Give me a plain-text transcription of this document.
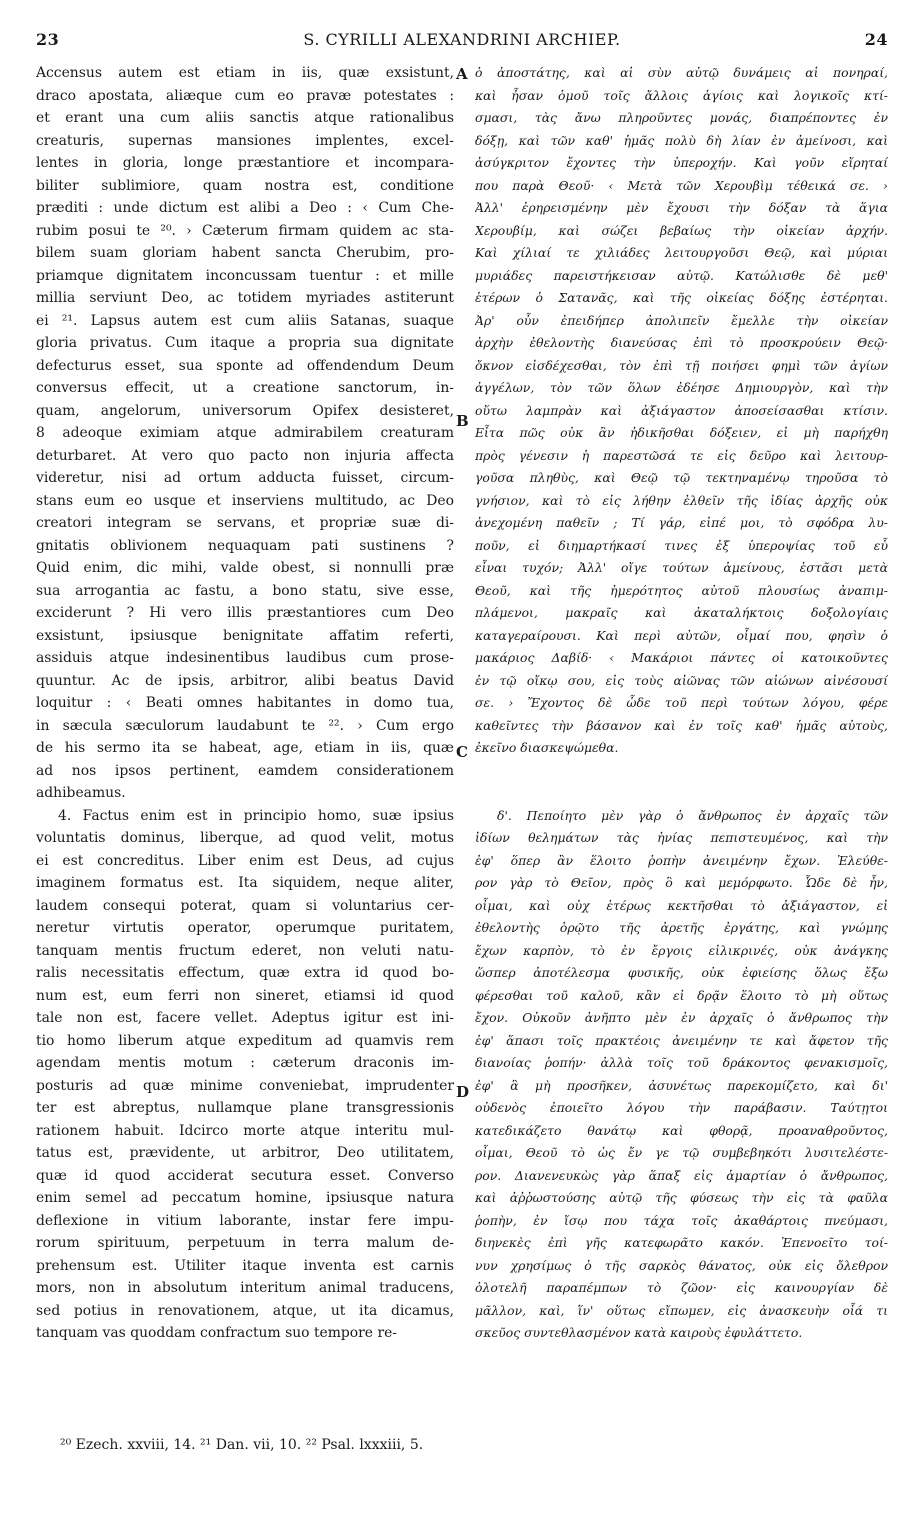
23	S. CYRILLI ALEXANDRINI ARCHIEP.	24
Accensus autem est etiam in iis, quæ exsistunt,
draco apostata, aliæque cum eo pravæ potestates :
et erant una cum aliis sanctis atque rationalibus
creaturis, supernas mansiones implentes, excel-
lentes in gloria, longe præstantiore et incompara-
biliter sublimiore, quam nostra est, conditione
præditi : unde dictum est alibi a Deo : ‹ Cum Che-
rubim posui te ²⁰. › Cæterum firmam quidem ac sta-
bilem suam gloriam habent sancta Cherubim, pro-
priamque dignitatem inconcussam tuentur : et mille
millia serviunt Deo, ac totidem myriades astiterunt
ei ²¹. Lapsus autem est cum aliis Satanas, suaque
gloria privatus. Cum itaque a propria sua dignitate
defecturus esset, sua sponte ad offendendum Deum
conversus effecit, ut a creatione sanctorum, in-
quam, angelorum, universorum Opifex desisteret,
8 adeoque eximiam atque admirabilem creaturam
deturbaret. At vero quo pacto non injuria affecta
videretur, nisi ad ortum adducta fuisset, circum-
stans eum eo usque et inserviens multitudo, ac Deo
creatori integram se servans, et propriæ suæ di-
gnitatis oblivionem nequaquam pati sustinens ?
Quid enim, dic mihi, valde obest, si nonnulli præ
sua arrogantia ac fastu, a bono statu, sive esse,
exciderunt ? Hi vero illis præstantiores cum Deo
exsistunt, ipsiusque benignitate affatim referti,
assiduis atque indesinentibus laudibus cum prose-
quuntur. Ac de ipsis, arbitror, alibi beatus David
loquitur : ‹ Beati omnes habitantes in domo tua,
in sæcula sæculorum laudabunt te ²². › Cum ergo
de his sermo ita se habeat, age, etiam in iis, quæ
ad nos ipsos pertinent, eamdem considerationem
adhibeamus.
4. Factus enim est in principio homo, suæ ipsius
voluntatis dominus, liberque, ad quod velit, motus
ei est concreditus. Liber enim est Deus, ad cujus
imaginem formatus est. Ita siquidem, neque aliter,
laudem consequi poterat, quam si voluntarius cer-
neretur virtutis operator, operumque puritatem,
tanquam mentis fructum ederet, non veluti natu-
ralis necessitatis effectum, quæ extra id quod bo-
num est, eum ferri non sineret, etiamsi id quod
tale non est, facere vellet. Adeptus igitur est ini-
tio homo liberum atque expeditum ad quamvis rem
agendam mentis motum : cæterum draconis im-
posturis ad quæ minime conveniebat, imprudenter
ter est abreptus, nullamque plane transgressionis
rationem habuit. Idcirco morte atque interitu mul-
tatus est, prævidente, ut arbitror, Deo utilitatem,
quæ id quod acciderat secutura esset. Converso
enim semel ad peccatum homine, ipsiusque natura
deflexione in vitium laborante, instar fere impu-
rorum spirituum, perpetuum in terra malum de-
prehensum est. Utiliter itaque inventa est carnis
mors, non in absolutum interitum animal traducens,
sed potius in renovationem, atque, ut ita dicamus,
tanquam vas quoddam confractum suo tempore re-
ὁ ἀποστάτης, καὶ αἱ σὺν αὐτῷ δυνάμεις αἱ πονηραί,
καὶ ἦσαν ὁμοῦ τοῖς ἄλλοις ἁγίοις καὶ λογικοῖς κτί-
σμασι, τὰς ἄνω πληροῦντες μονάς, διαπρέποντες ἐν
δόξῃ, καὶ τῶν καθ' ἡμᾶς πολὺ δὴ λίαν ἐν ἀμείνοσι, καὶ
ἀσύγκριτον ἔχοντες τὴν ὑπεροχήν. Καὶ γοῦν εἴρηταί
που παρὰ Θεοῦ· ‹ Μετὰ τῶν Χερουβὶμ τέθεικά σε. ›
Ἀλλ' ἐρηρεισμένην μὲν ἔχουσι τὴν δόξαν τὰ ἅγια
Χερουβίμ, καὶ σώζει βεβαίως τὴν οἰκείαν ἀρχήν.
Καὶ χίλιαί τε χιλιάδες λειτουργοῦσι Θεῷ, καὶ μύριαι
μυριάδες παρειστήκεισαν αὐτῷ. Κατώλισθε δὲ μεθ'
ἑτέρων ὁ Σατανᾶς, καὶ τῆς οἰκείας δόξης ἐστέρηται.
Ἀρ' οὖν ἐπειδήπερ ἀπολιπεῖν ἔμελλε τὴν οἰκείαν
ἀρχὴν ἐθελοντὴς διανεύσας ἐπὶ τὸ προσκρούειν Θεῷ·
ὄκνον εἰσδέχεσθαι, τὸν ἐπὶ τῇ ποιήσει φημὶ τῶν ἁγίων
ἀγγέλων, τὸν τῶν ὅλων ἐδέησε Δημιουργὸν, καὶ τὴν
οὕτω λαμπρὰν καὶ ἀξιάγαστον ἀποσείσασθαι κτίσιν.
Εἶτα πῶς οὐκ ἂν ἠδικῆσθαι δόξειεν, εἰ μὴ παρήχθη
πρὸς γένεσιν ἡ παρεστῶσά τε εἰς δεῦρο καὶ λειτουρ-
γοῦσα πληθὺς, καὶ Θεῷ τῷ τεκτηναμένῳ τηροῦσα τὸ
γνήσιον, καὶ τὸ εἰς λήθην ἐλθεῖν τῆς ἰδίας ἀρχῆς οὐκ
ἀνεχομένη παθεῖν ; Τί γάρ, εἰπέ μοι, τὸ σφόδρα λυ-
ποῦν, εἰ διημαρτήκασί τινες ἐξ ὑπεροψίας τοῦ εὖ
εἶναι τυχόν; Ἀλλ' οἴγε τούτων ἀμείνους, ἑστᾶσι μετὰ
Θεοῦ, καὶ τῆς ἡμερότητος αὐτοῦ πλουσίως ἀναπιμ-
πλάμενοι, μακραῖς καὶ ἀκαταλήκτοις δοξολογίαις
καταγεραίρουσι. Καὶ περὶ αὐτῶν, οἶμαί που, φησὶν ὁ
μακάριος Δαβίδ· ‹ Μακάριοι πάντες οἱ κατοικοῦντες
ἐν τῷ οἴκῳ σου, εἰς τοὺς αἰῶνας τῶν αἰώνων αἰνέσουσί
σε. › Ἔχοντος δὲ ὧδε τοῦ περὶ τούτων λόγου, φέρε
καθεῖντες τὴν βάσανον καὶ ἐν τοῖς καθ' ἡμᾶς αὐτοὺς,
ἐκεῖνο διασκεψώμεθα.
δ'. Πεποίητο μὲν γὰρ ὁ ἄνθρωπος ἐν ἀρχαῖς τῶν
ἰδίων θελημάτων τὰς ἡνίας πεπιστευμένος, καὶ τὴν
ἐφ' ὅπερ ἂν ἕλοιτο ῥοπὴν ἀνειμένην ἔχων. Ἐλεύθε-
ρον γὰρ τὸ Θεῖον, πρὸς ὃ καὶ μεμόρφωτο. Ὧδε δὲ ἦν,
οἶμαι, καὶ οὐχ ἑτέρως κεκτῆσθαι τὸ ἀξιάγαστον, εἰ
ἐθελοντὴς ὁρῷτο τῆς ἀρετῆς ἐργάτης, καὶ γνώμης
ἔχων καρπὸν, τὸ ἐν ἔργοις εἰλικρινές, οὐκ ἀνάγκης
ὥσπερ ἀποτέλεσμα φυσικῆς, οὐκ ἐφιείσης ὅλως ἔξω
φέρεσθαι τοῦ καλοῦ, κἂν εἰ δρᾷν ἕλοιτο τὸ μὴ οὕτως
ἔχον. Οὐκοῦν ἀνῆπτο μὲν ἐν ἀρχαῖς ὁ ἄνθρωπος τὴν
ἐφ' ἅπασι τοῖς πρακτέοις ἀνειμένην τε καὶ ἄφετον τῆς
διανοίας ῥοπήν· ἀλλὰ τοῖς τοῦ δράκοντος φενακισμοῖς,
ἐφ' ἃ μὴ προσῆκεν, ἀσυνέτως παρεκομίζετο, καὶ δι'
οὐδενὸς ἐποιεῖτο λόγου τὴν παράβασιν. Ταύτῃτοι
κατεδικάζετο θανάτῳ καὶ φθορᾷ, προαναθροῦντος,
οἶμαι, Θεοῦ τὸ ὡς ἔν γε τῷ συμβεβηκότι λυσιτελέστε-
ρον. Διανενευκὼς γὰρ ἅπαξ εἰς ἁμαρτίαν ὁ ἄνθρωπος,
καὶ ἀῤῥωστούσης αὐτῷ τῆς φύσεως τὴν εἰς τὰ φαῦλα
ῥοπὴν, ἐν ἴσῳ που τάχα τοῖς ἀκαθάρτοις πνεύμασι,
διηνεκὲς ἐπὶ γῆς κατεφωρᾶτο κακόν. Ἐπενοεῖτο τοί-
νυν χρησίμως ὁ τῆς σαρκὸς θάνατος, οὐκ εἰς ὄλεθρον
ὁλοτελῆ παραπέμπων τὸ ζῶον· εἰς καινουργίαν δὲ
μᾶλλον, καὶ, ἵν' οὕτως εἴπωμεν, εἰς ἀνασκευὴν οἷά τι
σκεῦος συντεθλασμένον κατὰ καιροὺς ἐφυλάττετο.
A
B
C
D
²⁰ Ezech. xxviii, 14. ²¹ Dan. vii, 10. ²² Psal. lxxxiii, 5.
